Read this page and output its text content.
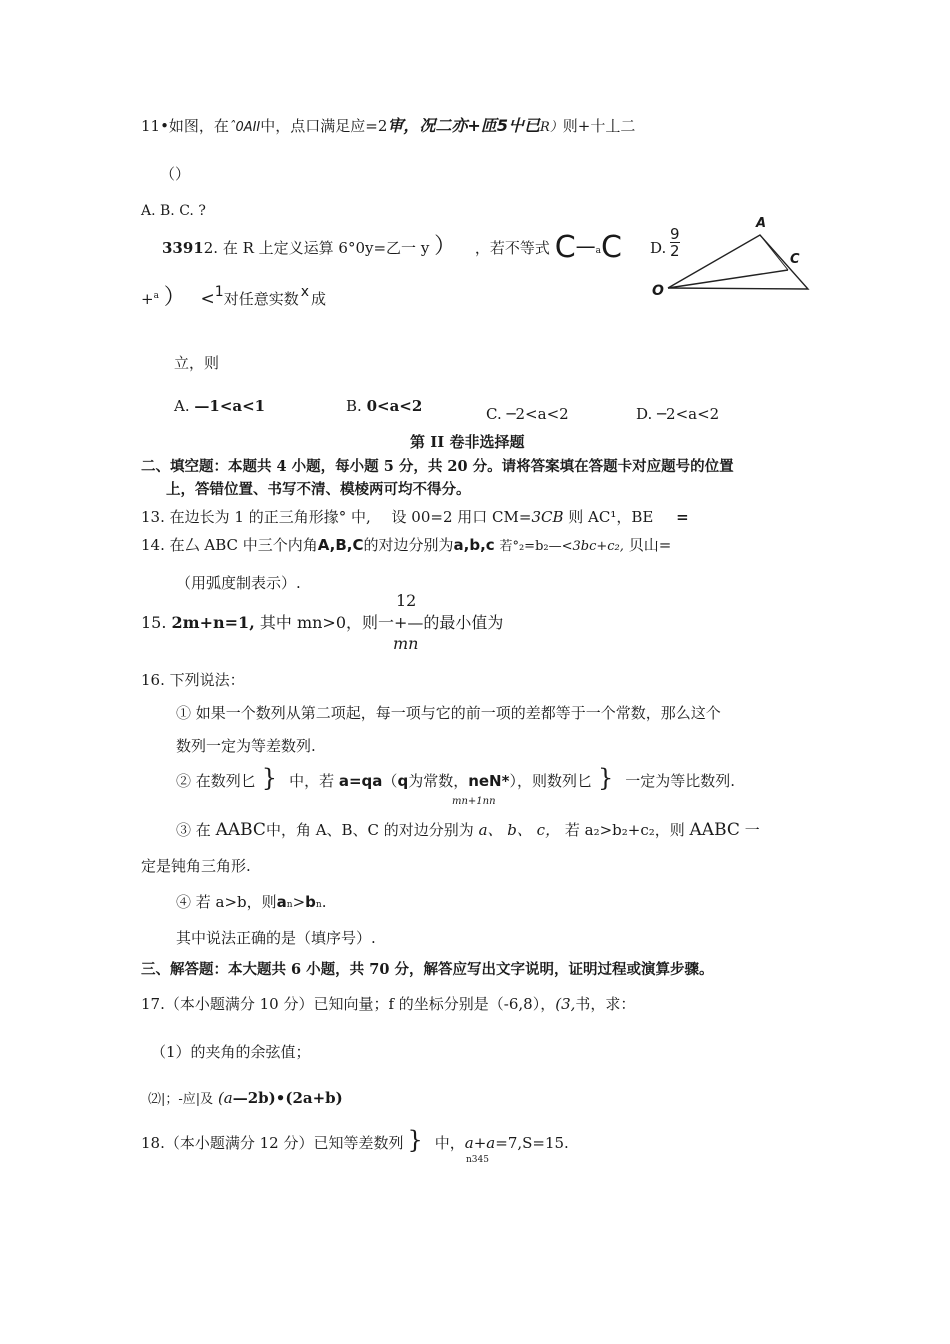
11•如图，在ˆ0AII中，点口满足应=2审，况二亦+匝5屮已R）则+十丄二
（）
A. B. C. ?
33912. 在 R 上定义运算 6°0y=乙一 y ） ，若不等式 C—aC
+$^a$ ） <1对任意实数 x 成
立，则
A. —1<a<1	B. 0<a<2	C. ─2<a<2	D. ─2<a<2
D. $\frac{9}{2}$
A
C
O
第 II 卷非选择题
二、填空题：本题共 4 小题，每小题 5 分，共 20 分。请将答案填在答题卡对应题号的位置
上，答错位置、书写不清、模棱两可均不得分。
13. 在边长为 1 的正三角形掾° 中, 设 00=2 用口 CM=3CB 则 AC¹，BE =
14. 在厶 ABC 中三个内角A,B,C的对边分别为a,b,c 若°₂=b₂—<3bc+c₂, 贝山=
（用弧度制表示）.
12
15. 2m+n=1, 其中 mn>0，则一+—的最小值为
mn
16. 下列说法：
① 如果一个数列从第二项起，每一项与它的前一项的差都等于一个常数，那么这个
数列一定为等差数列.
② 在数列匕 } 中，若 a=qa（q为常数，neN*），则数列匕 } 一定为等比数列.
mn+1nn
③ 在 AABC中，角 A、B、C 的对边分别为 a、 b、 c， 若 a₂>b₂+c₂，则 AABC 一
定是钝角三角形.
④ 若 a>b，则an>bn.
其中说法正确的是（填序号）.
三、解答题：本大题共 6 小题，共 70 分，解答应写出文字说明，证明过程或演算步骤。
17.（本小题满分 10 分）已知向量；f 的坐标分别是（-6,8），(3,书，求：
（1）的夹角的余弦值；
⑵|；-应|及 (a—2b)•(2a+b)
18.（本小题满分 12 分）已知等差数列 } 中，a+a=7,S=15.
n345
